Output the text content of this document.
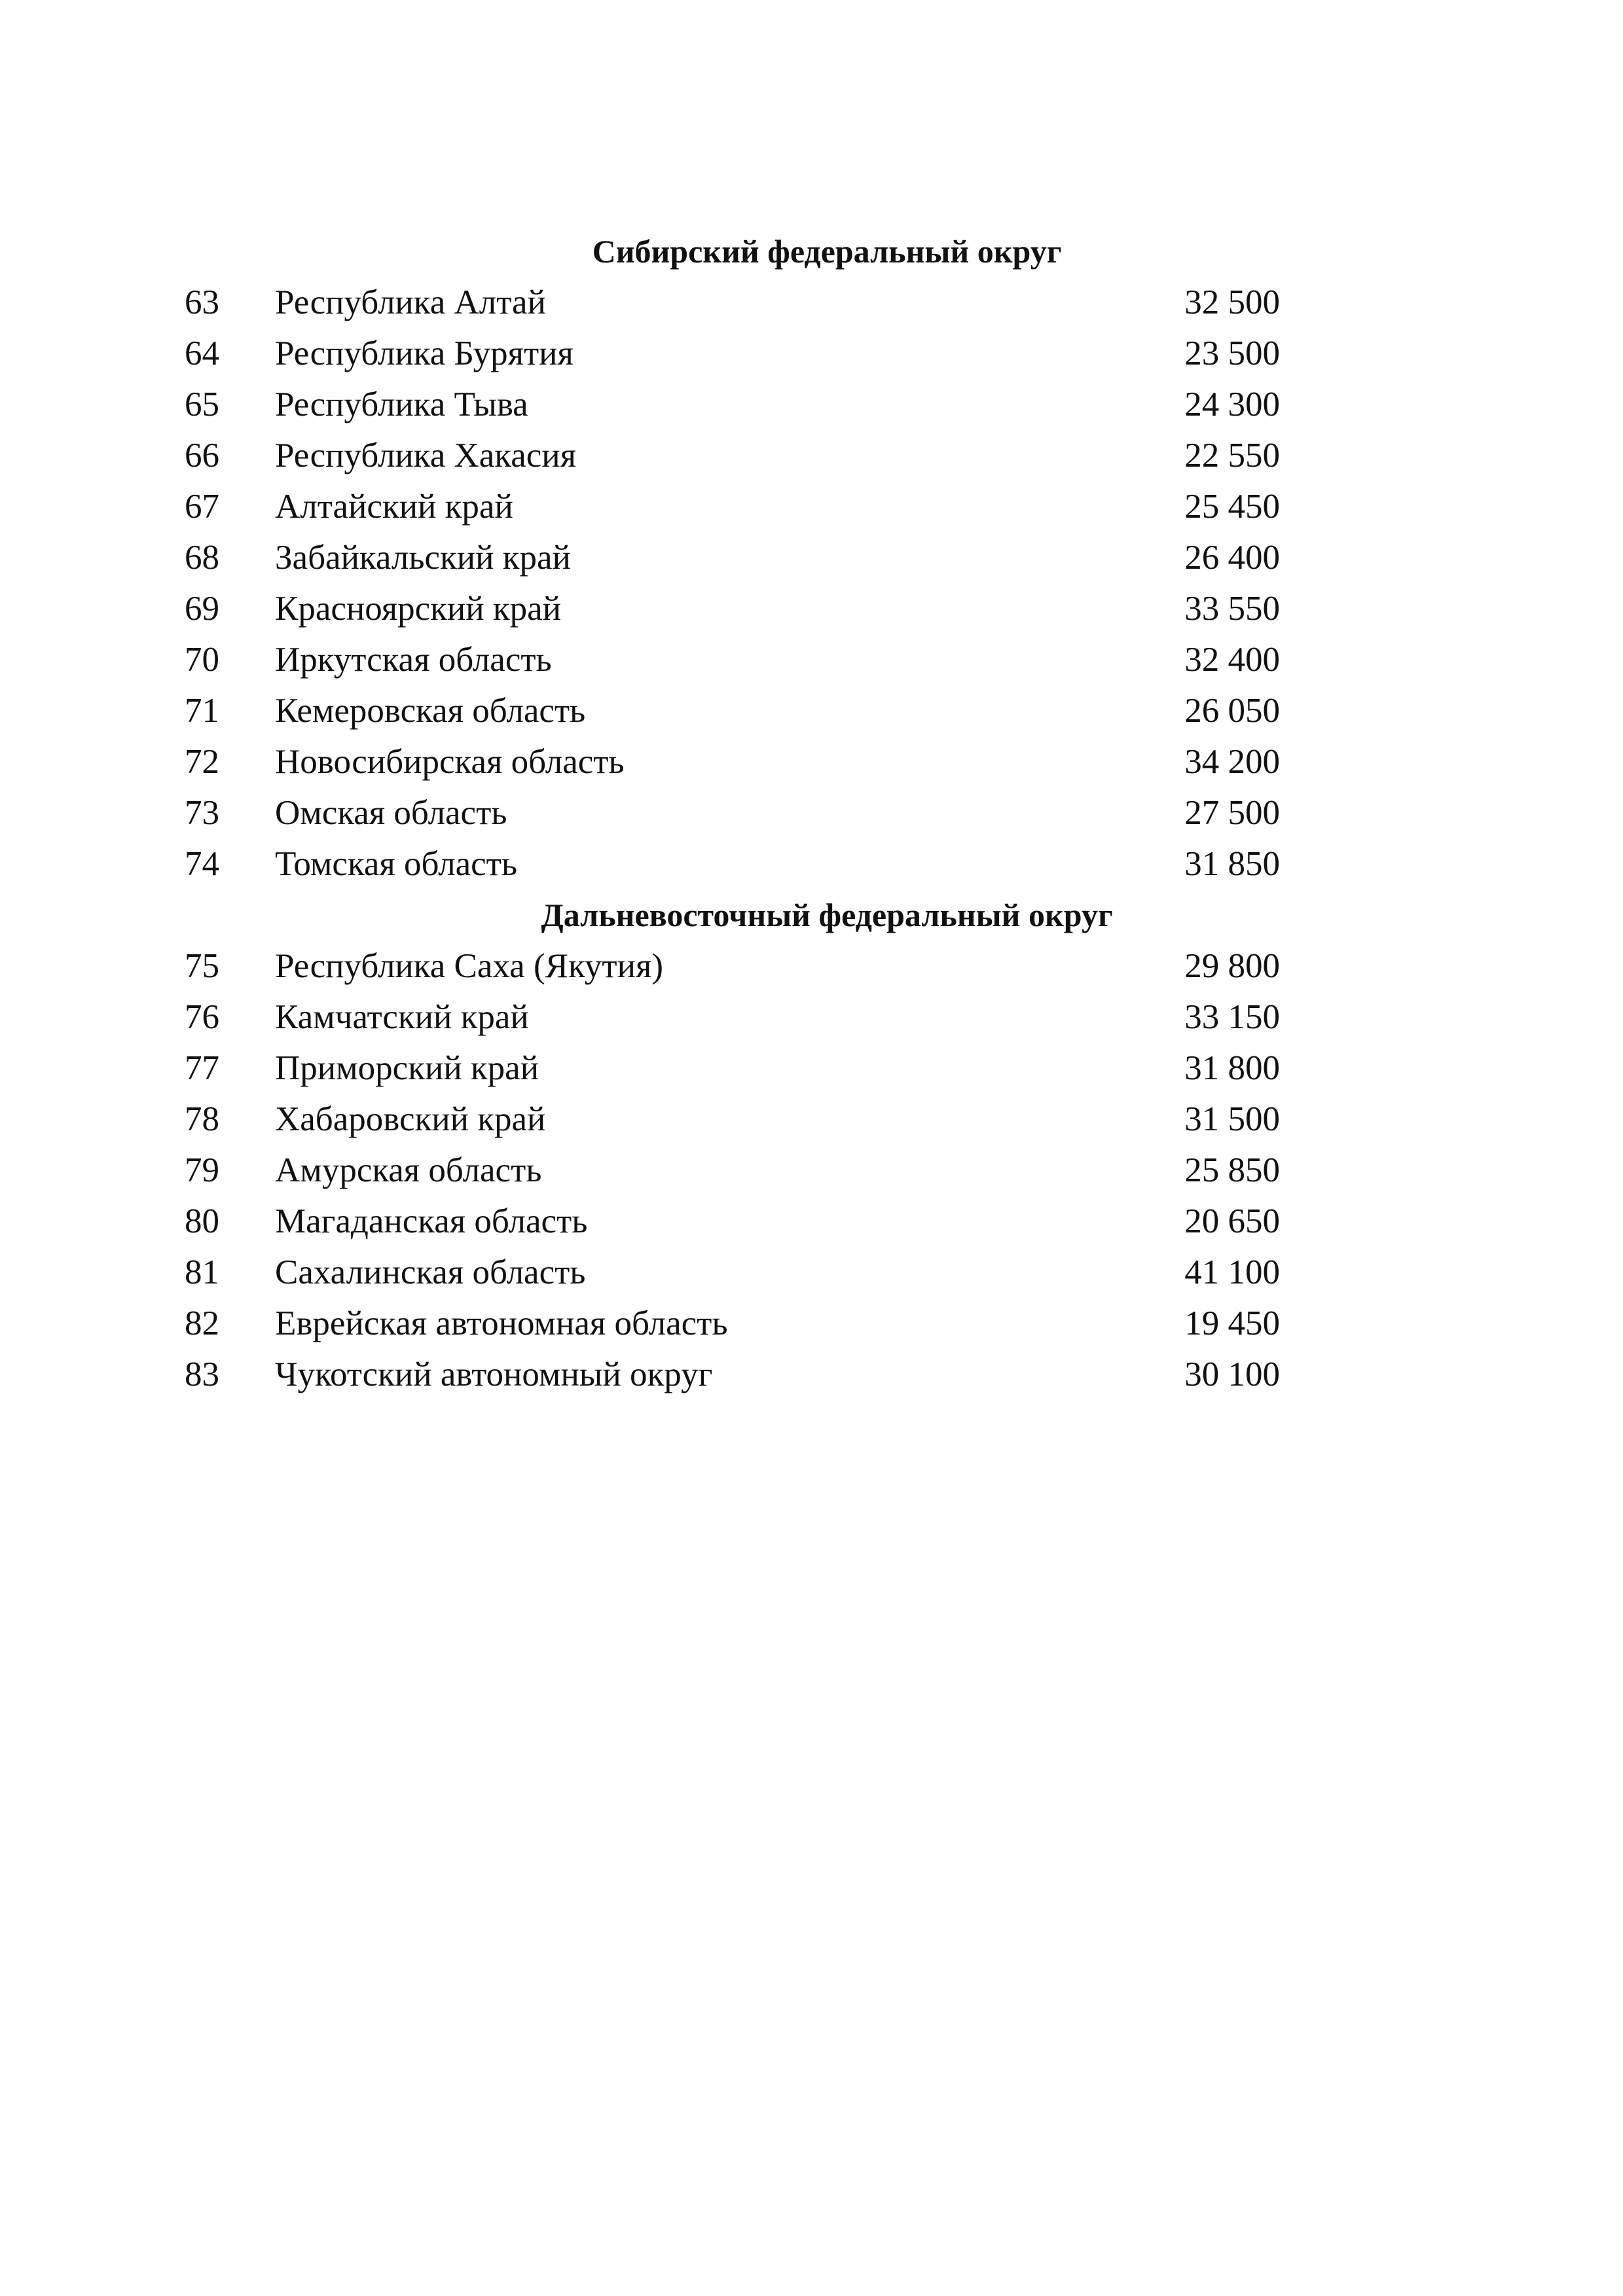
Сибирский федеральный округ
63 Республика Алтай	32 500
64 Республика Бурятия	23 500
65 Республика Тыва	24 300
66 Республика Хакасия	22 550
67 Алтайский край	25 450
68 Забайкальский край	26 400
69 Красноярский край	33 550
70 Иркутская область	32 400
71 Кемеровская область	26 050
72 Новосибирская область	34 200
73 Омская область	27 500
74 Томская область	31 850
Дальневосточный федеральный округ
75 Республика Саха (Якутия)	29 800
76 Камчатский край	33 150
77 Приморский край	31 800
78 Хабаровский край	31 500
79 Амурская область	25 850
80 Магаданская область	20 650
81 Сахалинская область	41 100
82 Еврейская автономная область	19 450
83 Чукотский автономный округ	30 100
